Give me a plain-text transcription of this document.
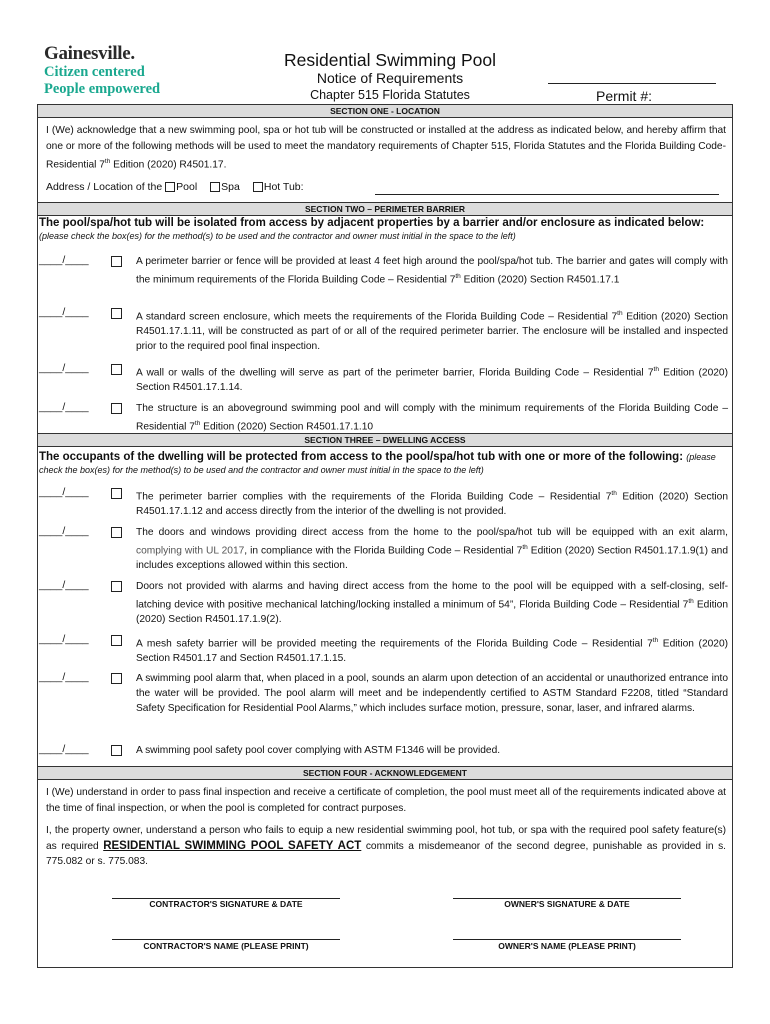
Gainesville.
Citizen centered
People empowered
Residential Swimming Pool
Notice of Requirements
Chapter 515 Florida Statutes	Permit #:
SECTION ONE - LOCATION
I (We) acknowledge that a new swimming pool, spa or hot tub will be constructed or installed at the address as indicated below, and hereby affirm that one or more of the following methods will be used to meet the mandatory requirements of Chapter 515, Florida Statutes and the Florida Building Code-Residential 7th Edition (2020) R4501.17.
Address / Location of the Pool Spa Hot Tub:
SECTION TWO – PERIMETER BARRIER
The pool/spa/hot tub will be isolated from access by adjacent properties by a barrier and/or enclosure as indicated below: (please check the box(es) for the method(s) to be used and the contractor and owner must initial in the space to the left)
____/____	A perimeter barrier or fence will be provided at least 4 feet high around the pool/spa/hot tub. The barrier and gates will comply with the minimum requirements of the Florida Building Code – Residential 7th Edition (2020) Section R4501.17.1
____/____	A standard screen enclosure, which meets the requirements of the Florida Building Code – Residential 7th Edition (2020) Section R4501.17.1.11, will be constructed as part of or all of the required perimeter barrier. The enclosure will be installed and inspected prior to the required pool final inspection.
____/____	A wall or walls of the dwelling will serve as part of the perimeter barrier, Florida Building Code – Residential 7th Edition (2020) Section R4501.17.1.14.
____/____	The structure is an aboveground swimming pool and will comply with the minimum requirements of the Florida Building Code – Residential 7th Edition (2020) Section R4501.17.1.10
SECTION THREE – DWELLING ACCESS
The occupants of the dwelling will be protected from access to the pool/spa/hot tub with one or more of the following: (please check the box(es) for the method(s) to be used and the contractor and owner must initial in the space to the left)
____/____	The perimeter barrier complies with the requirements of the Florida Building Code – Residential 7th Edition (2020) Section R4501.17.1.12 and access directly from the interior of the dwelling is not provided.
____/____	The doors and windows providing direct access from the home to the pool/spa/hot tub will be equipped with an exit alarm, complying with UL 2017, in compliance with the Florida Building Code – Residential 7th Edition (2020) Section R4501.17.1.9(1) and includes exceptions allowed within this section.
____/____	Doors not provided with alarms and having direct access from the home to the pool will be equipped with a self-closing, self-latching device with positive mechanical latching/locking installed a minimum of 54”, Florida Building Code – Residential 7th Edition (2020) Section R4501.17.1.9(2).
____/____	A mesh safety barrier will be provided meeting the requirements of the Florida Building Code – Residential 7th Edition (2020) Section R4501.17 and Section R4501.17.1.15.
____/____	A swimming pool alarm that, when placed in a pool, sounds an alarm upon detection of an accidental or unauthorized entrance into the water will be provided. The pool alarm will meet and be independently certified to ASTM Standard F2208, titled “Standard Safety Specification for Residential Pool Alarms,” which includes surface motion, pressure, sonar, laser, and infrared alarms.
____/____	A swimming pool safety pool cover complying with ASTM F1346 will be provided.
SECTION FOUR - ACKNOWLEDGEMENT
I (We) understand in order to pass final inspection and receive a certificate of completion, the pool must meet all of the requirements indicated above at the time of final inspection, or when the pool is completed for contract purposes.
I, the property owner, understand a person who fails to equip a new residential swimming pool, hot tub, or spa with the required pool safety feature(s) as required RESIDENTIAL SWIMMING POOL SAFETY ACT commits a misdemeanor of the second degree, punishable as provided in s. 775.082 or s. 775.083.
CONTRACTOR'S SIGNATURE & DATE	OWNER'S SIGNATURE & DATE
CONTRACTOR'S NAME (PLEASE PRINT)	OWNER'S NAME (PLEASE PRINT)
